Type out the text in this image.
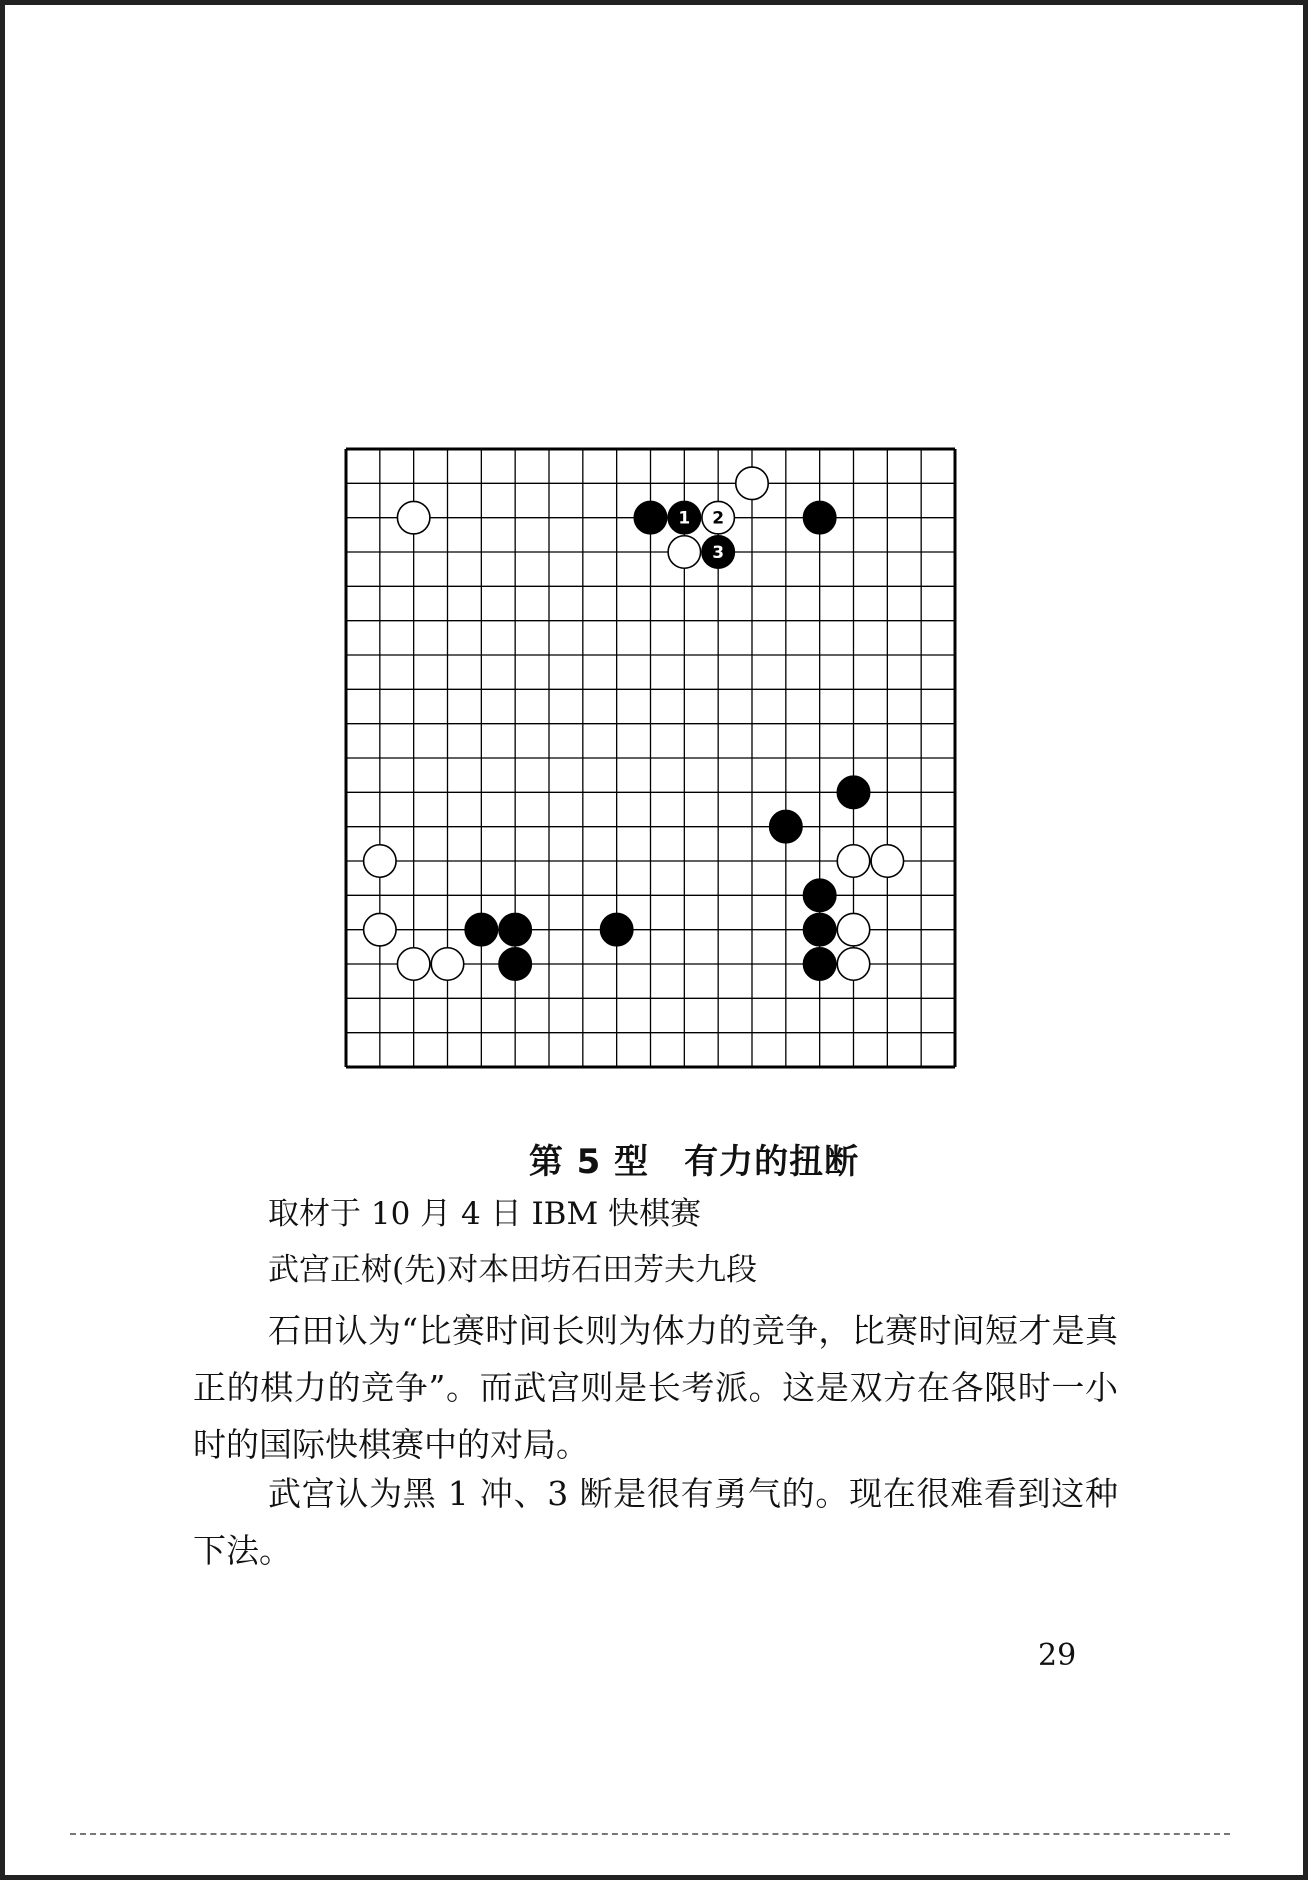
1 2
3
第 5 型　有力的扭断
取材于 10 月 4 日 IBM 快棋赛
武宫正树(先)对本田坊石田芳夫九段
石田认为“比赛时间长则为体力的竞争，比赛时间短才是真正的棋力的竞争”。而武宫则是长考派。这是双方在各限时一小时的国际快棋赛中的对局。
武宫认为黑 1 冲、3 断是很有勇气的。现在很难看到这种下法。
29
